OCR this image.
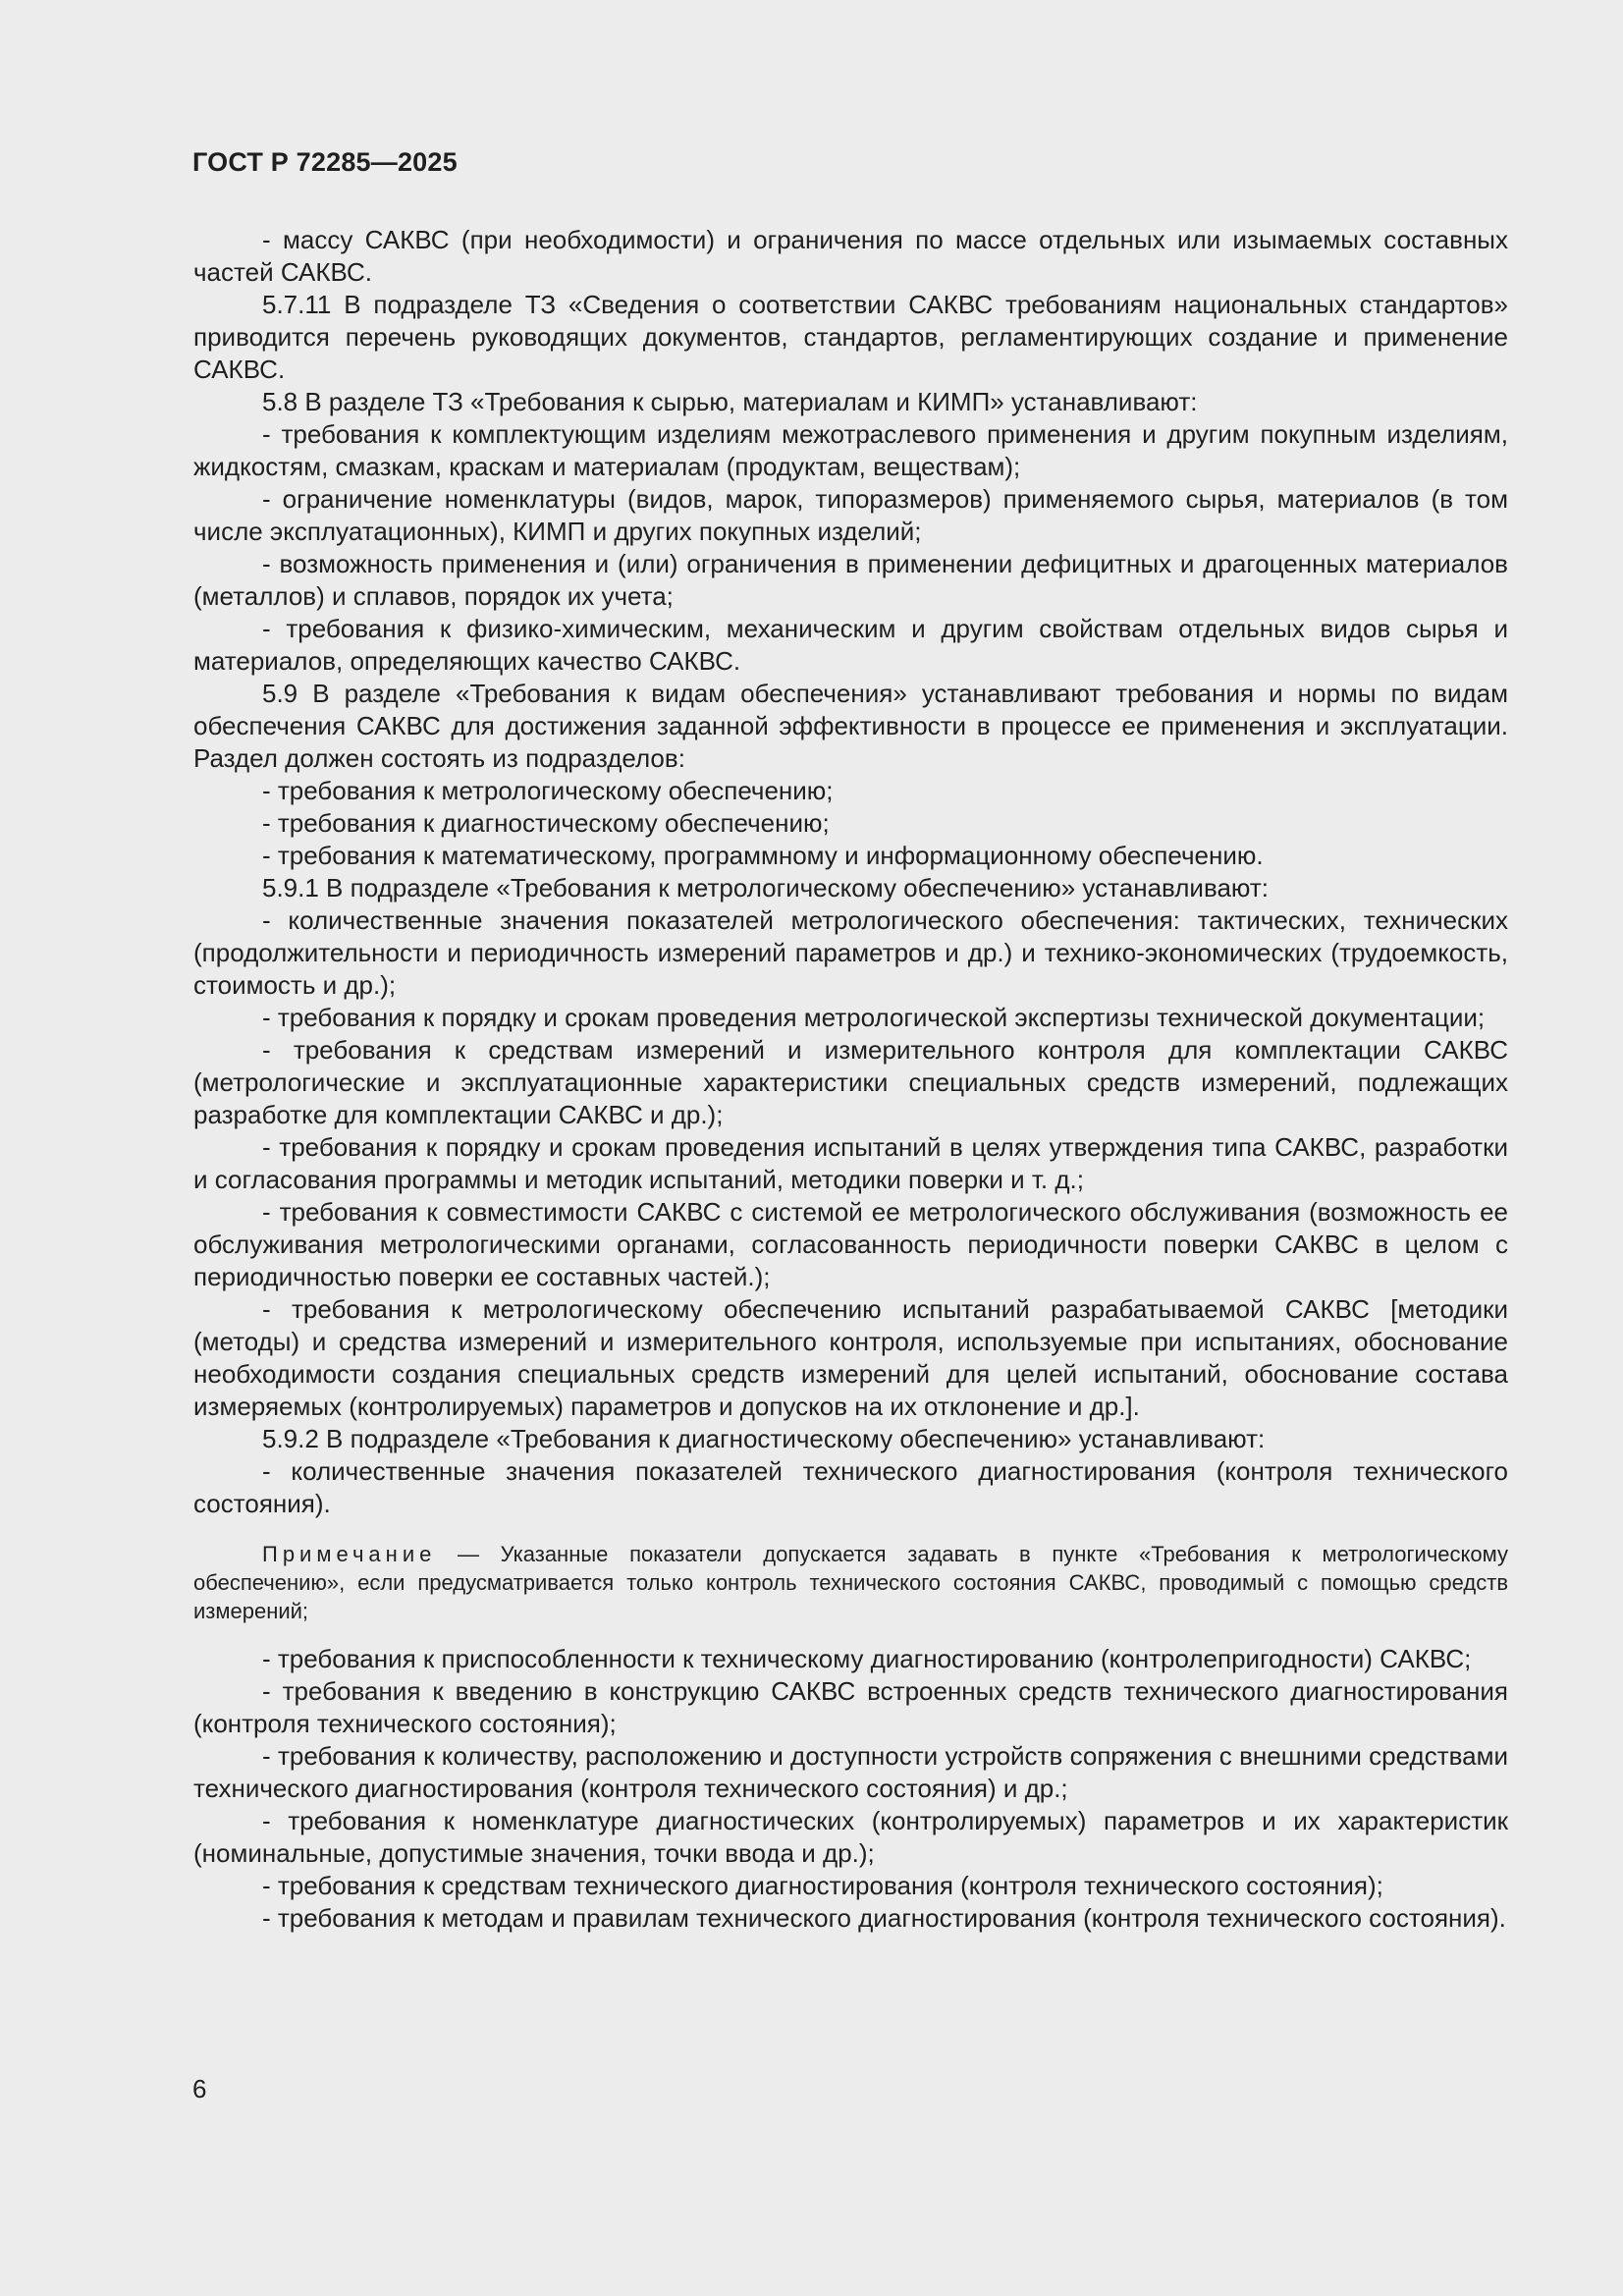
ГОСТ Р 72285—2025

- массу САКВС (при необходимости) и ограничения по массе отдельных или изымаемых составных частей САКВС.

5.7.11 В подразделе ТЗ «Сведения о соответствии САКВС требованиям национальных стандартов» приводится перечень руководящих документов, стандартов, регламентирующих создание и применение САКВС.

5.8 В разделе ТЗ «Требования к сырью, материалам и КИМП» устанавливают:

- требования к комплектующим изделиям межотраслевого применения и другим покупным изделиям, жидкостям, смазкам, краскам и материалам (продуктам, веществам);

- ограничение номенклатуры (видов, марок, типоразмеров) применяемого сырья, материалов (в том числе эксплуатационных), КИМП и других покупных изделий;

- возможность применения и (или) ограничения в применении дефицитных и драгоценных материалов (металлов) и сплавов, порядок их учета;

- требования к физико-химическим, механическим и другим свойствам отдельных видов сырья и материалов, определяющих качество САКВС.

5.9 В разделе «Требования к видам обеспечения» устанавливают требования и нормы по видам обеспечения САКВС для достижения заданной эффективности в процессе ее применения и эксплуатации. Раздел должен состоять из подразделов:

- требования к метрологическому обеспечению;

- требования к диагностическому обеспечению;

- требования к математическому, программному и информационному обеспечению.

5.9.1 В подразделе «Требования к метрологическому обеспечению» устанавливают:

- количественные значения показателей метрологического обеспечения: тактических, технических (продолжительности и периодичность измерений параметров и др.) и технико-экономических (трудоемкость, стоимость и др.);

- требования к порядку и срокам проведения метрологической экспертизы технической документации;

- требования к средствам измерений и измерительного контроля для комплектации САКВС (метрологические и эксплуатационные характеристики специальных средств измерений, подлежащих разработке для комплектации САКВС и др.);

- требования к порядку и срокам проведения испытаний в целях утверждения типа САКВС, разработки и согласования программы и методик испытаний, методики поверки и т. д.;

- требования к совместимости САКВС с системой ее метрологического обслуживания (возможность ее обслуживания метрологическими органами, согласованность периодичности поверки САКВС в целом с периодичностью поверки ее составных частей.);

- требования к метрологическому обеспечению испытаний разрабатываемой САКВС [методики (методы) и средства измерений и измерительного контроля, используемые при испытаниях, обоснование необходимости создания специальных средств измерений для целей испытаний, обоснование состава измеряемых (контролируемых) параметров и допусков на их отклонение и др.].

5.9.2 В подразделе «Требования к диагностическому обеспечению» устанавливают:

- количественные значения показателей технического диагностирования (контроля технического состояния).

Примечание — Указанные показатели допускается задавать в пункте «Требования к метрологическому обеспечению», если предусматривается только контроль технического состояния САКВС, проводимый с помощью средств измерений;

- требования к приспособленности к техническому диагностированию (контролепригодности) САКВС;

- требования к введению в конструкцию САКВС встроенных средств технического диагностирования (контроля технического состояния);

- требования к количеству, расположению и доступности устройств сопряжения с внешними средствами технического диагностирования (контроля технического состояния) и др.;

- требования к номенклатуре диагностических (контролируемых) параметров и их характеристик (номинальные, допустимые значения, точки ввода и др.);

- требования к средствам технического диагностирования (контроля технического состояния);

- требования к методам и правилам технического диагностирования (контроля технического состояния).

6
